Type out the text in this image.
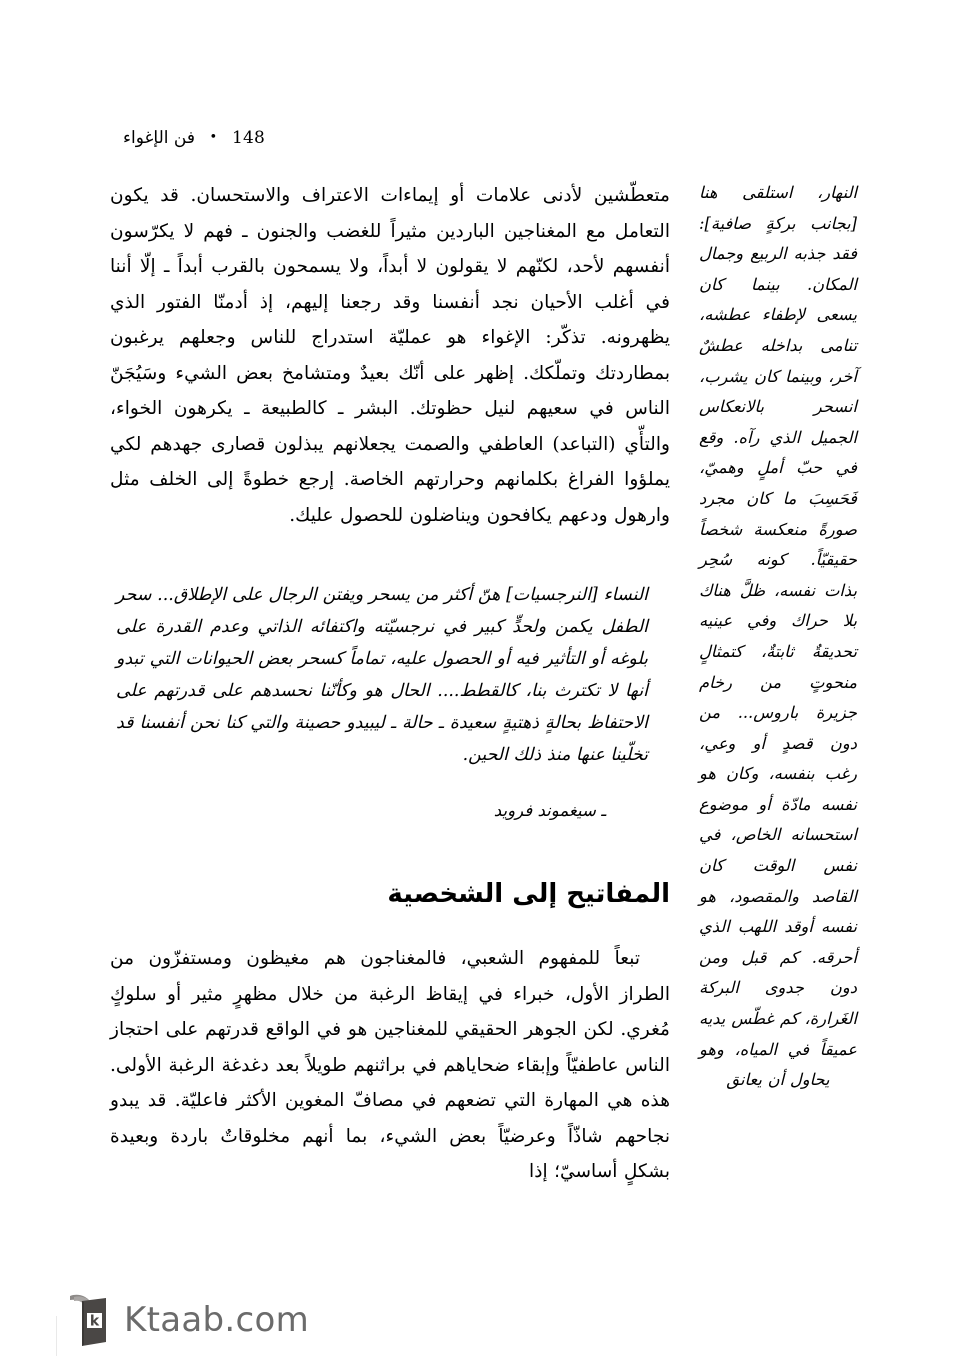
148 • فن الإغواء

متعطّشين لأدنى علامات أو إيماءات الاعتراف والاستحسان. قد يكون التعامل مع المغناجين الباردين مثيراً للغضب والجنون ـ فهم لا يكرّسون أنفسهم لأحد، لكنّهم لا يقولون لا أبداً، ولا يسمحون بالقرب أبداً ـ إلّا أننا في أغلب الأحيان نجد أنفسنا وقد رجعنا إليهم، إذ أدمنّا الفتور الذي يظهرونه. تذكّر: الإغواء هو عمليّة استدراج للناس وجعلهم يرغبون بمطاردتك وتملّكك. إظهر على أنّك بعيدٌ ومتشامخ بعض الشيء وسَيُجَنّ الناس في سعيهم لنيل حظوتك. البشر ـ كالطبيعة ـ يكرهون الخواء، والتأّي (التباعد) العاطفي والصمت يجعلانهم يبذلون قصارى جهدهم لكي يملؤوا الفراغ بكلمانهم وحرارتهم الخاصة. إرجع خطوةً إلى الخلف مثل وارهول ودعهم يكافحون ويناضلون للحصول عليك.

النساء [النرجسيات] هنّ أكثر من يسحر ويفتن الرجال على الإطلاق... سحر الطفل يكمن ولحدٍّ كبير في نرجسيّته واكتفائه الذاتي وعدم القدرة على بلوغه أو التأثير فيه أو الحصول عليه، تماماً كسحر بعض الحيوانات التي تبدو أنها لا تكترث بنا، كالقطط.... الحال هو وكأنّنا نحسدهم على قدرتهم على الاحتفاظ بحالةٍ ذهتيةٍ سعيدة ـ حالة ـ ليبيدو حصينة والتي كنا نحن أنفسنا قد تخلّينا عنها منذ ذلك الحين.

ـ سيغموند فرويد

المفاتيح إلى الشخصية

تبعاً للمفهوم الشعبي، فالمغناجون هم مغيظون ومستفزّون من الطراز الأول، خبراء في إيقاظ الرغبة من خلال مظهرٍ مثير أو سلوكٍ مُغري. لكن الجوهر الحقيقي للمغناجين هو في الواقع قدرتهم على احتجاز الناس عاطفيّاً وإبقاء ضحاياهم في براثنهم طويلاً بعد دغدغة الرغبة الأولى. هذه هي المهارة التي تضعهم في مصافّ المغوين الأكثر فاعليّة. قد يبدو نجاحهم شاذّاً وعرضيّاً بعض الشيء، بما أنهم مخلوقاتٌ باردة وبعيدة بشكلٍ أساسيّ؛ إذا

النهار، استلقى هنا [بجانب بركةٍ صافية]: فقد جذبه الربيع وجمال المكان. بينما كان يسعى لإطفاء عطشه، تنامى بداخله عطشٌ آخر، وبينما كان يشرب، انسحر بالانعكاس الجميل الذي رآه. وقع في حبّ أملٍ وهميّ، فَحَسِبَ ما كان مجرد صورةً منعكسة شخصاً حقيقيّاً. كونه سُحِر بذات نفسه، ظلَّ هناك بلا حراك وفي عينيه تحديقةٌ ثابتةٌ، كتمثالٍ منحوتٍ من رخام جزيرة باروس... من دون قصدٍ أو وعي، رغب بنفسه، وكان هو نفسه مادّة أو موضوع استحسانه الخاص، في نفس الوقت كان القاصد والمقصود، هو نفسه أوقد اللهب الذي أحرقه. كم قبل ومن دون جدوى البركة الغَرارة، كم غطّس يديه عميقاً في المياه، وهو يحاول أن يعانق

k Ktaab.com
